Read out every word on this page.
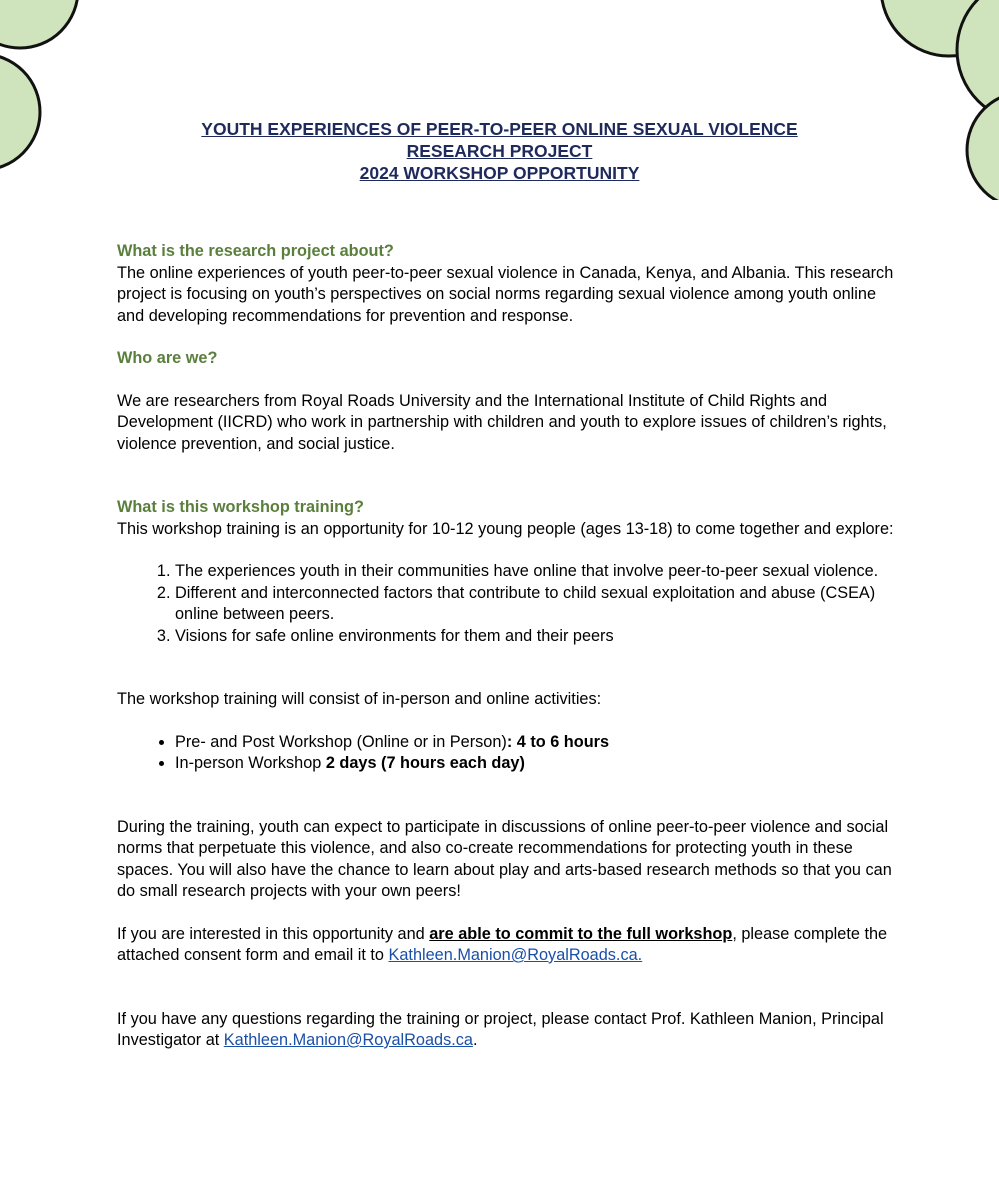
YOUTH EXPERIENCES OF PEER-TO-PEER ONLINE SEXUAL VIOLENCE
RESEARCH PROJECT
2024 WORKSHOP OPPORTUNITY

What is the research project about?

The online experiences of youth peer-to-peer sexual violence in Canada, Kenya, and Albania. This research project is focusing on youth’s perspectives on social norms regarding sexual violence among youth online and developing recommendations for prevention and response.

Who are we?

We are researchers from Royal Roads University and the International Institute of Child Rights and Development (IICRD) who work in partnership with children and youth to explore issues of children’s rights, violence prevention, and social justice.

What is this workshop training?

This workshop training is an opportunity for 10-12 young people (ages 13-18) to come together and explore:

1. The experiences youth in their communities have online that involve peer-to-peer sexual violence.
2. Different and interconnected factors that contribute to child sexual exploitation and abuse (CSEA) online between peers.
3. Visions for safe online environments for them and their peers

The workshop training will consist of in-person and online activities:

• Pre- and Post Workshop (Online or in Person): 4 to 6 hours
• In-person Workshop 2 days (7 hours each day)

During the training, youth can expect to participate in discussions of online peer-to-peer violence and social norms that perpetuate this violence, and also co-create recommendations for protecting youth in these spaces. You will also have the chance to learn about play and arts-based research methods so that you can do small research projects with your own peers!

If you are interested in this opportunity and are able to commit to the full workshop, please complete the attached consent form and email it to Kathleen.Manion@RoyalRoads.ca.

If you have any questions regarding the training or project, please contact Prof. Kathleen Manion, Principal Investigator at Kathleen.Manion@RoyalRoads.ca.
